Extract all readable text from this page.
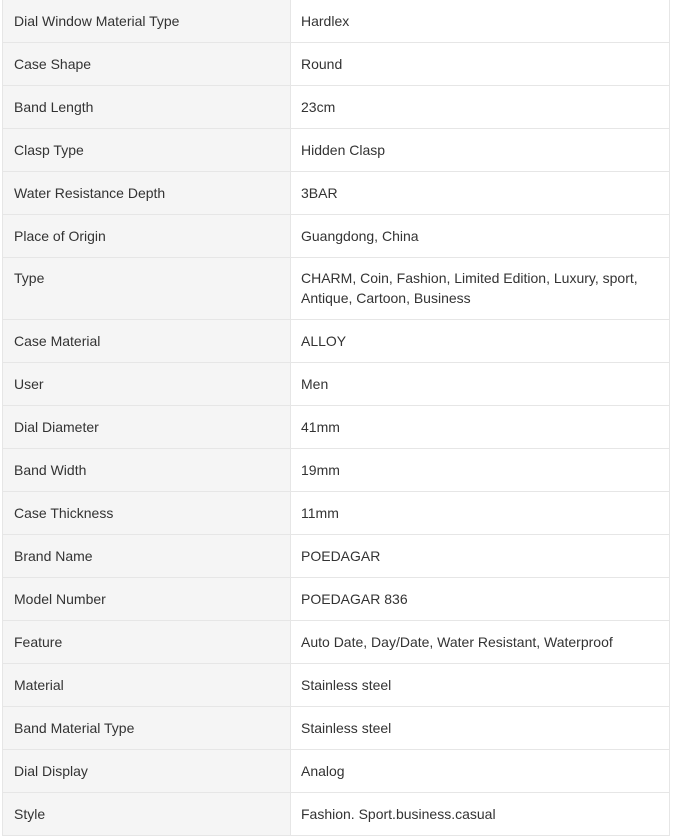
Dial Window Material Type	Hardlex

Case Shape	Round

Band Length	23cm

Clasp Type	Hidden Clasp

Water Resistance Depth	3BAR

Place of Origin	Guangdong, China

Type	CHARM, Coin, Fashion, Limited Edition, Luxury, sport, Antique, Cartoon, Business

Case Material	ALLOY

User	Men

Dial Diameter	41mm

Band Width	19mm

Case Thickness	11mm

Brand Name	POEDAGAR

Model Number	POEDAGAR 836

Feature	Auto Date, Day/Date, Water Resistant, Waterproof

Material	Stainless steel

Band Material Type	Stainless steel

Dial Display	Analog

Style	Fashion. Sport.business.casual
